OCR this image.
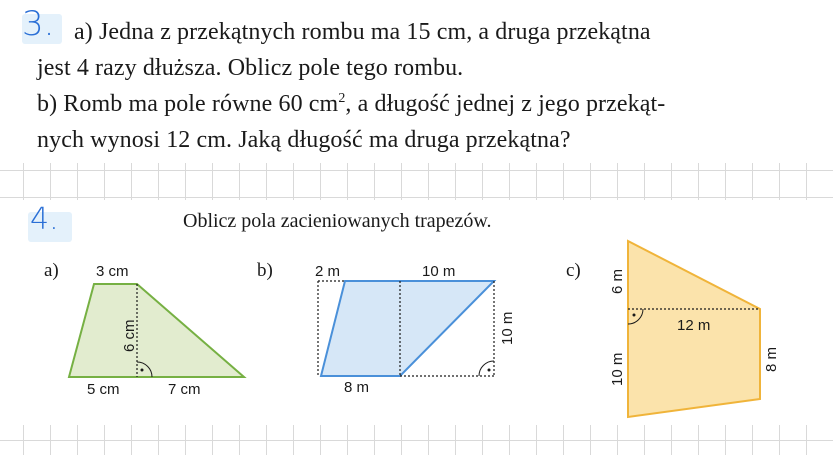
3. a) Jedna z przekątnych rombu ma 15 cm, a druga przekątna
jest 4 razy dłuższa. Oblicz pole tego rombu.
b) Romb ma pole równe 60 $cm^2$, a długość jednej z jego przekąt-
nych wynosi 12 cm. Jaką długość ma druga przekątna?
4.	Oblicz pola zacieniowanych trapezów.
a)	b)	c)
3 cm
6 cm
5 cm	7 cm
2 m	10 m
10 m
8 m
6 m
10 m
12 m
8 m
